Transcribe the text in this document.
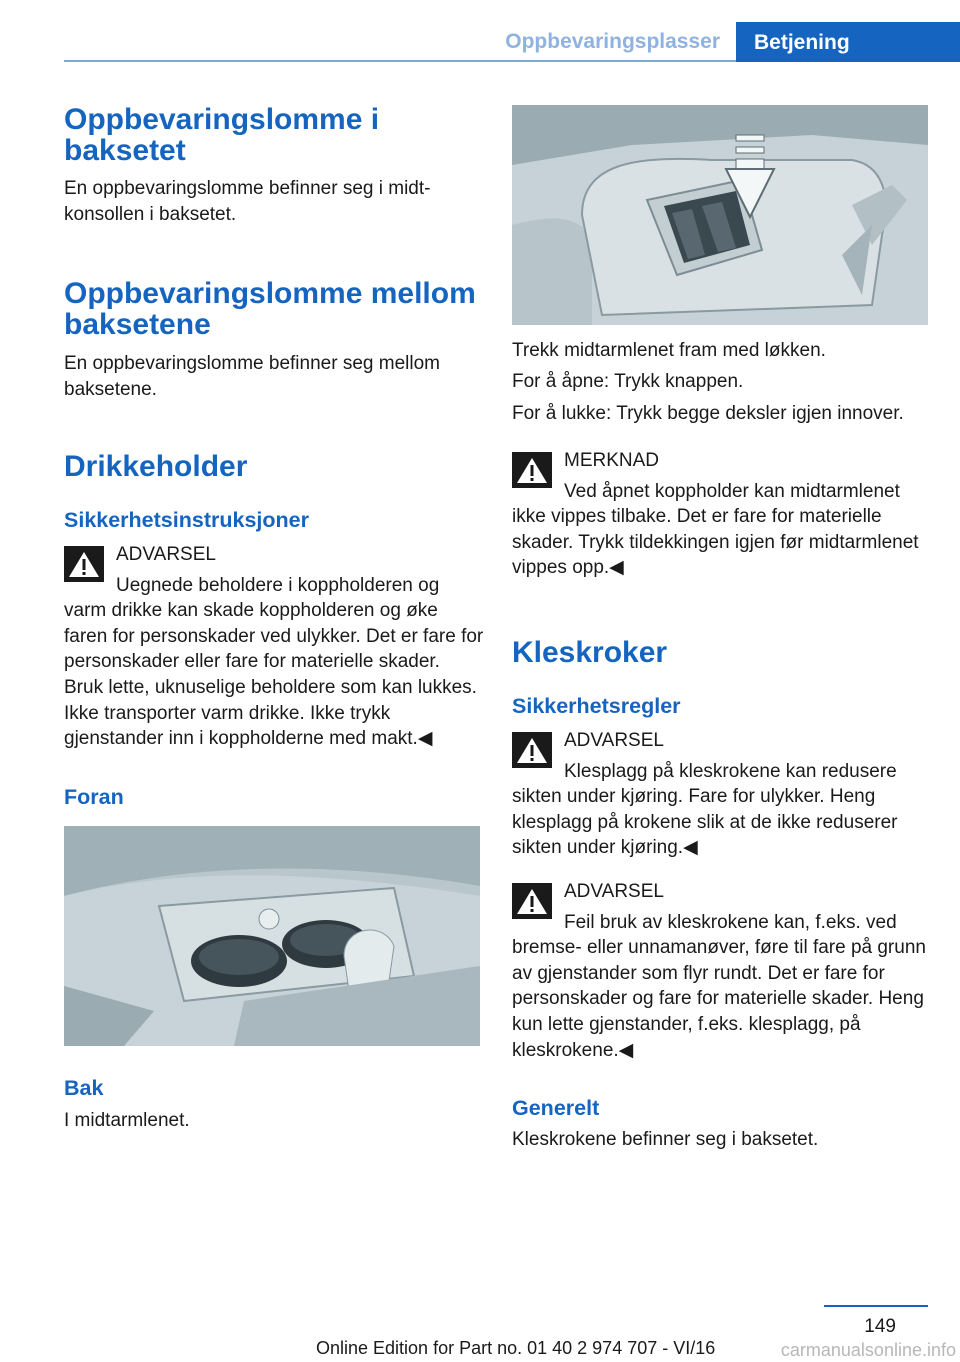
Oppbevaringsplasser	Betjening
Oppbevaringslomme i baksetet
En oppbevaringslomme befinner seg i midtkonsollen i baksetet.
Oppbevaringslomme mellom baksetene
En oppbevaringslomme befinner seg mellom baksetene.
Drikkeholder
Sikkerhetsinstruksjoner
ADVARSEL
Uegnede beholdere i koppholderen og varm drikke kan skade koppholderen og øke faren for personskader ved ulykker. Det er fare for personskader eller fare for materielle skader. Bruk lette, uknuselige beholdere som kan lukkes. Ikke transporter varm drikke. Ikke trykk gjenstander inn i koppholderne med makt.◀
Foran
Bak
I midtarmlenet.
Trekk midtarmlenet fram med løkken.
For å åpne: Trykk knappen.
For å lukke: Trykk begge deksler igjen innover.
MERKNAD
Ved åpnet koppholder kan midtarmlenet ikke vippes tilbake. Det er fare for materielle skader. Trykk tildekkingen igjen før midtarmlenet vippes opp.◀
Kleskroker
Sikkerhetsregler
ADVARSEL
Klesplagg på kleskrokene kan redusere sikten under kjøring. Fare for ulykker. Heng klesplagg på krokene slik at de ikke reduserer sikten under kjøring.◀
ADVARSEL
Feil bruk av kleskrokene kan, f.eks. ved bremse- eller unnamanøver, føre til fare på grunn av gjenstander som flyr rundt. Det er fare for personskader og fare for materielle skader. Heng kun lette gjenstander, f.eks. klesplagg, på kleskrokene.◀
Generelt
Kleskrokene befinner seg i baksetet.
149
Online Edition for Part no. 01 40 2 974 707 - VI/16	carmanualsonline.info
